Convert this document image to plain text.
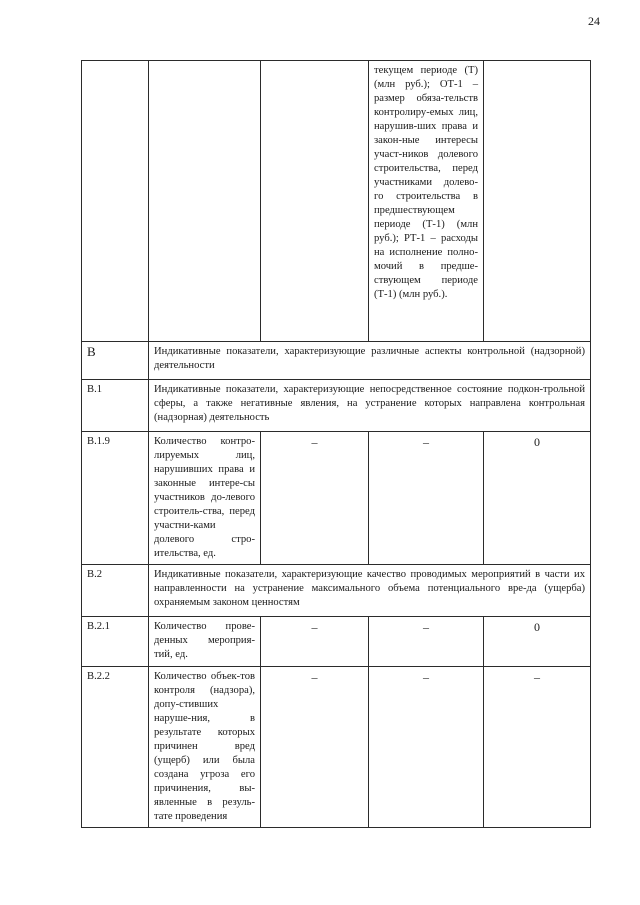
24
			текущем периоде (Т) (млн руб.); ОТ-1 – размер обяза-тельств контролиру-емых лиц, нарушив-ших права и закон-ные интересы участ-ников долевого строительства, перед участниками долево-го строительства в предшествующем периоде (Т-1) (млн руб.); РТ-1 – расходы на исполнение полно-мочий в предше-ствующем периоде (Т-1) (млн руб.).	
В	Индикативные показатели, характеризующие различные аспекты контрольной (надзорной) деятельности			
В.1	Индикативные показатели, характеризующие непосредственное состояние подкон-трольной сферы, а также негативные явления, на устранение которых направлена контрольная (надзорная) деятельность			
В.1.9	Количество контро-лируемых лиц, нарушивших права и законные интере-сы участников до-левого строитель-ства, перед участни-ками долевого стро-ительства, ед.	–	–	0
В.2	Индикативные показатели, характеризующие качество проводимых мероприятий в части их направленности на устранение максимального объема потенциального вре-да (ущерба) охраняемым законом ценностям			
В.2.1	Количество прове-денных мероприя-тий, ед.	–	–	0
В.2.2	Количество объек-тов контроля (надзора), допу-стивших наруше-ния, в результате которых причинен вред (ущерб) или была создана угроза его причинения, вы-явленные в резуль-тате проведения	–	–	–
